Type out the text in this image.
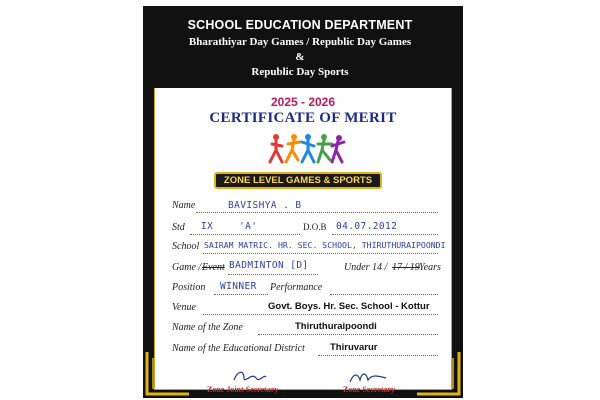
SCHOOL EDUCATION DEPARTMENT
Bharathiyar Day Games / Republic Day Games
&
Republic Day Sports
2025 - 2026
CERTIFICATE OF MERIT
ZONE LEVEL GAMES & SPORTS
Name	BAVISHYA . B
Std IX	'A'	D.O.B 04.07.2012
School SAIRAM MATRIC. HR. SEC. SCHOOL, THIRUTHURAIPOONDI
Game / Event BADMINTON [D]	Under 14 / 17 / 19 Years
Position WINNER Performance
Venue	Govt. Boys. Hr. Sec. School - Kottur
Name of the Zone	Thiruthuraipoondi
Name of the Educational District	Thiruvarur
Zone Joint Secretary	Zone Secretary
